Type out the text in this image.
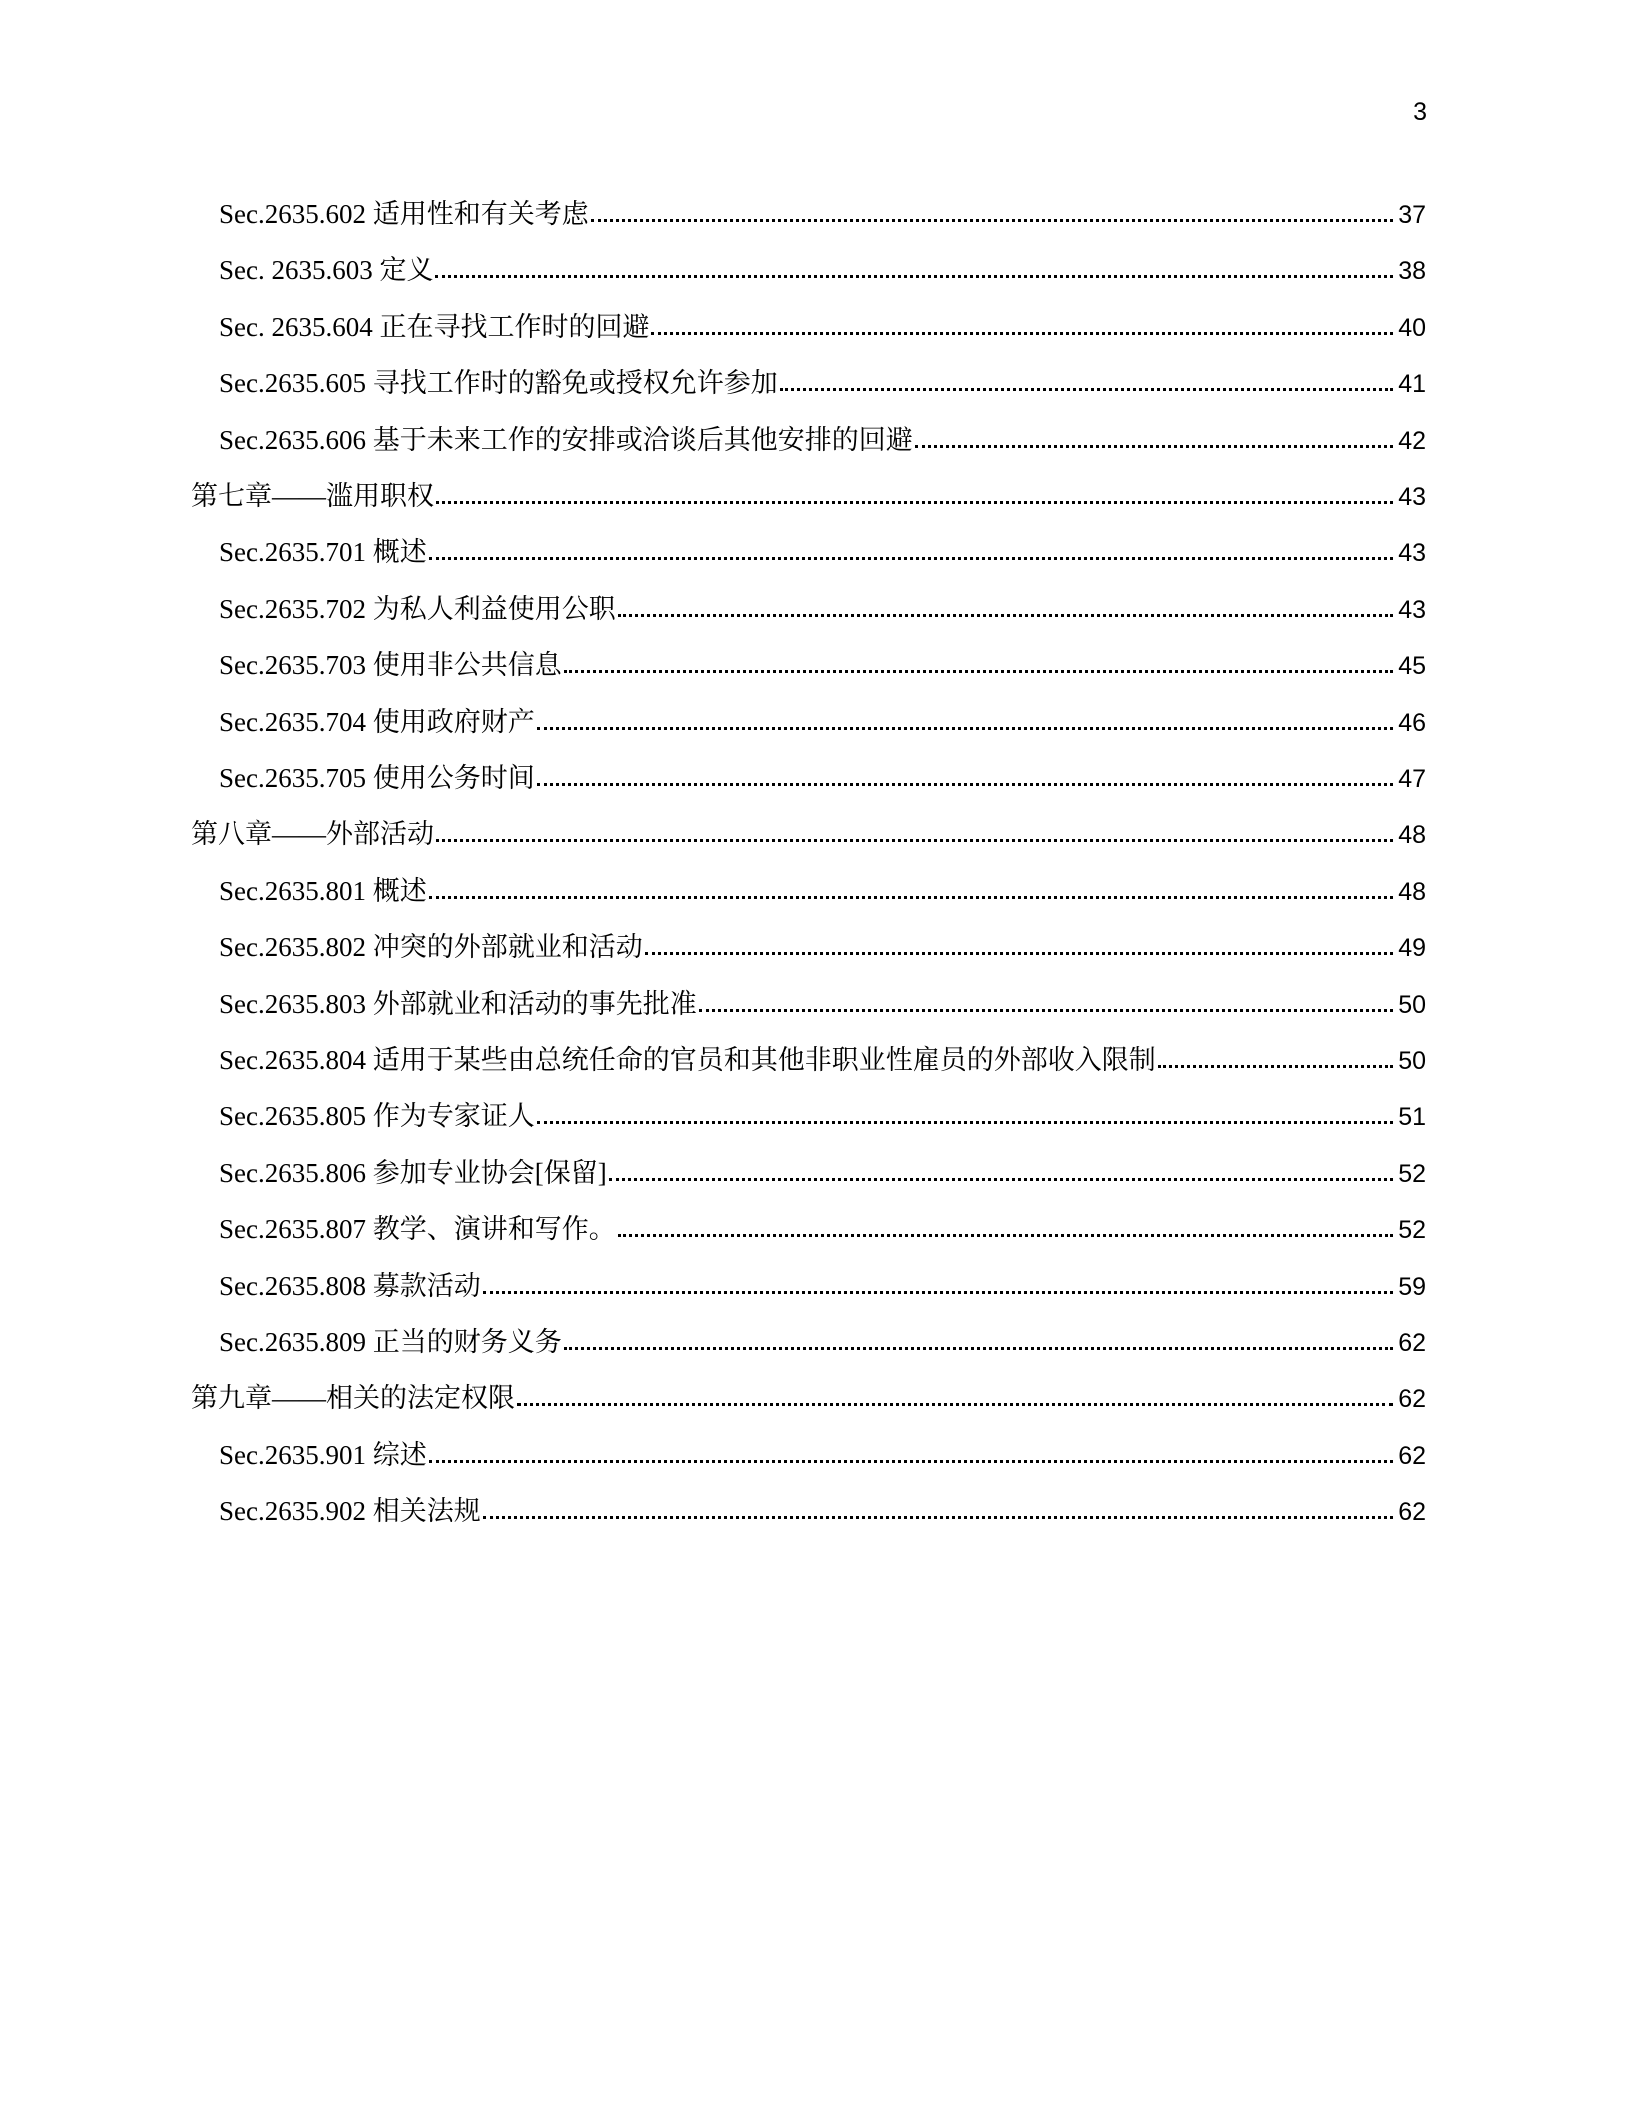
3
Sec.2635.602 适用性和有关考虑	37
Sec. 2635.603 定义	38
Sec. 2635.604 正在寻找工作时的回避	40
Sec.2635.605 寻找工作时的豁免或授权允许参加	41
Sec.2635.606 基于未来工作的安排或洽谈后其他安排的回避	42
第七章——滥用职权	43
Sec.2635.701 概述	43
Sec.2635.702 为私人利益使用公职	43
Sec.2635.703 使用非公共信息	45
Sec.2635.704 使用政府财产	46
Sec.2635.705 使用公务时间	47
第八章——外部活动	48
Sec.2635.801 概述	48
Sec.2635.802 冲突的外部就业和活动	49
Sec.2635.803 外部就业和活动的事先批准	50
Sec.2635.804 适用于某些由总统任命的官员和其他非职业性雇员的外部收入限制	50
Sec.2635.805 作为专家证人	51
Sec.2635.806 参加专业协会[保留]	52
Sec.2635.807 教学、演讲和写作。	52
Sec.2635.808 募款活动	59
Sec.2635.809 正当的财务义务	62
第九章——相关的法定权限	62
Sec.2635.901 综述	62
Sec.2635.902 相关法规	62
